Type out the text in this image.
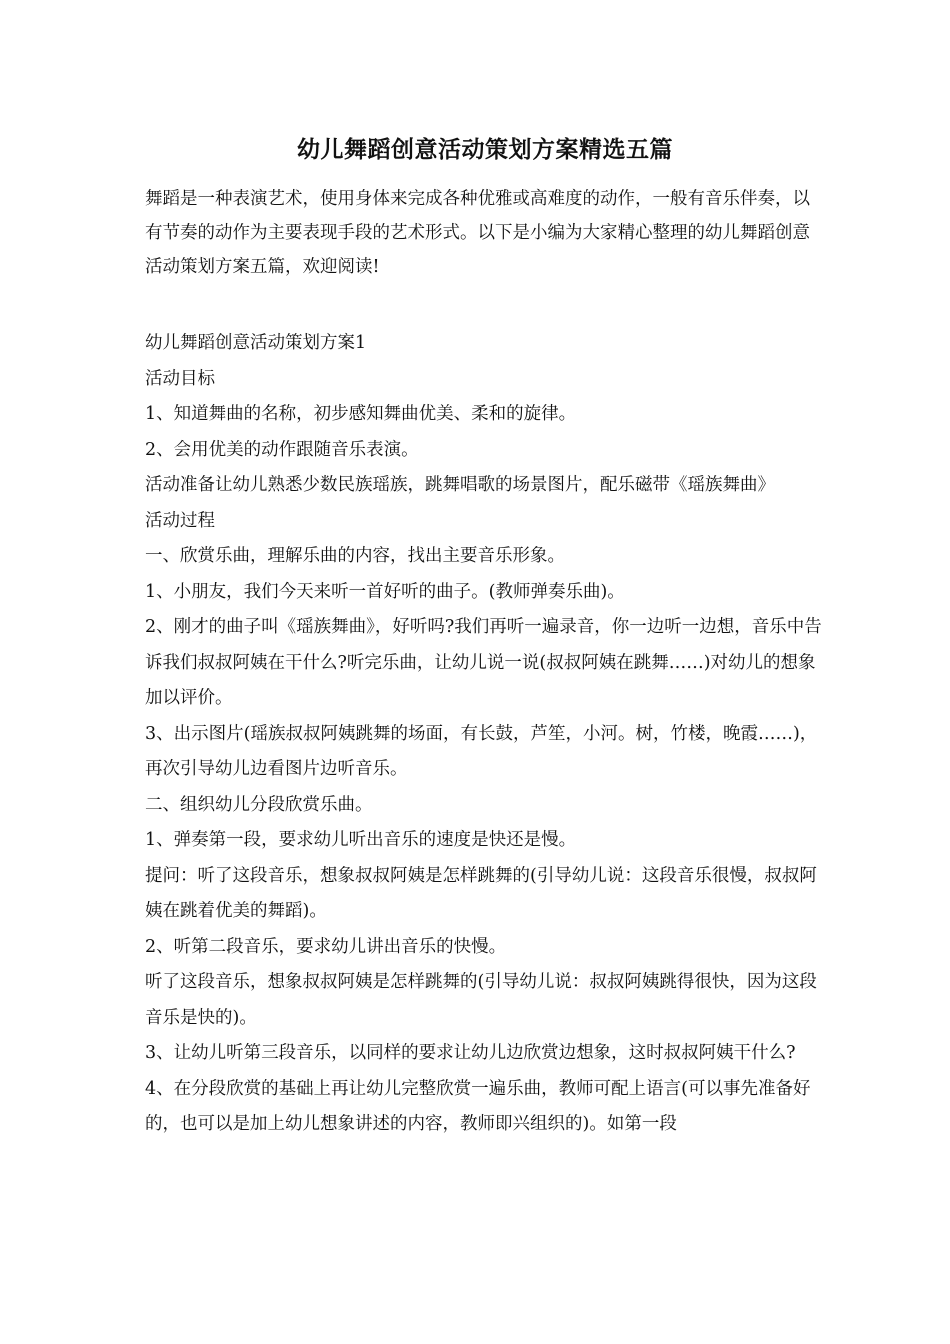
幼儿舞蹈创意活动策划方案精选五篇

舞蹈是一种表演艺术，使用身体来完成各种优雅或高难度的动作，一般有音乐伴奏，以有节奏的动作为主要表现手段的艺术形式。以下是小编为大家精心整理的幼儿舞蹈创意活动策划方案五篇，欢迎阅读!

幼儿舞蹈创意活动策划方案1

活动目标

1、知道舞曲的名称，初步感知舞曲优美、柔和的旋律。

2、会用优美的动作跟随音乐表演。

活动准备让幼儿熟悉少数民族瑶族，跳舞唱歌的场景图片，配乐磁带《瑶族舞曲》

活动过程

一、欣赏乐曲，理解乐曲的内容，找出主要音乐形象。

1、小朋友，我们今天来听一首好听的曲子。(教师弹奏乐曲)。

2、刚才的曲子叫《瑶族舞曲》，好听吗?我们再听一遍录音，你一边听一边想，音乐中告诉我们叔叔阿姨在干什么?听完乐曲，让幼儿说一说(叔叔阿姨在跳舞……)对幼儿的想象加以评价。

3、出示图片(瑶族叔叔阿姨跳舞的场面，有长鼓，芦笙，小河。树，竹楼，晚霞……)，再次引导幼儿边看图片边听音乐。

二、组织幼儿分段欣赏乐曲。

1、弹奏第一段，要求幼儿听出音乐的速度是快还是慢。

提问：听了这段音乐，想象叔叔阿姨是怎样跳舞的(引导幼儿说：这段音乐很慢，叔叔阿姨在跳着优美的舞蹈)。

2、听第二段音乐，要求幼儿讲出音乐的快慢。

听了这段音乐，想象叔叔阿姨是怎样跳舞的(引导幼儿说：叔叔阿姨跳得很快，因为这段音乐是快的)。

3、让幼儿听第三段音乐，以同样的要求让幼儿边欣赏边想象，这时叔叔阿姨干什么?

4、在分段欣赏的基础上再让幼儿完整欣赏一遍乐曲，教师可配上语言(可以事先准备好的，也可以是加上幼儿想象讲述的内容，教师即兴组织的)。如第一段
